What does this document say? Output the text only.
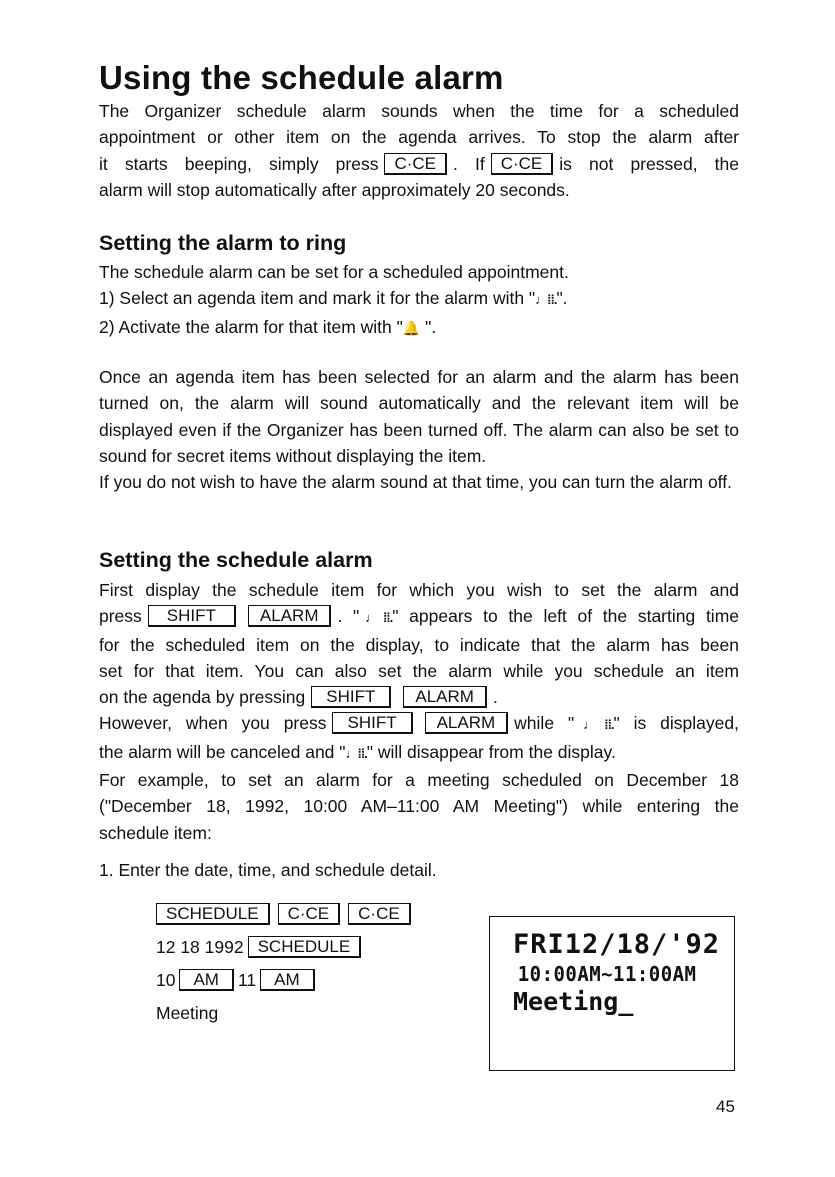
Using the schedule alarm
The Organizer schedule alarm sounds when the time for a scheduled
appointment or other item on the agenda arrives. To stop the alarm after
it starts beeping, simply press C·CE . If C·CE is not pressed, the
alarm will stop automatically after approximately 20 seconds.
Setting the alarm to ring
The schedule alarm can be set for a scheduled appointment.
1) Select an agenda item and mark it for the alarm with "♩⁞⁞.".
2) Activate the alarm for that item with "🔔 ".
Once an agenda item has been selected for an alarm and the alarm has been turned on, the alarm will sound automatically and the relevant item will be displayed even if the Organizer has been turned off. The alarm can also be set to sound for secret items without displaying the item.
If you do not wish to have the alarm sound at that time, you can turn the alarm off.
Setting the schedule alarm
First display the schedule item for which you wish to set the alarm and
press SHIFT	ALARM . "♩⁞⁞." appears to the left of the starting time
for the scheduled item on the display, to indicate that the alarm has been
set for that item. You can also set the alarm while you schedule an item
on the agenda by pressing SHIFT ALARM .
However, when you press SHIFT ALARM while "♩⁞⁞." is displayed,
the alarm will be canceled and "♩⁞⁞." will disappear from the display.
For example, to set an alarm for a meeting scheduled on December 18
("December 18, 1992, 10:00 AM–11:00 AM Meeting") while entering the
schedule item:
1. Enter the date, time, and schedule detail.
SCHEDULE C·CE C·CE
12 18 1992 SCHEDULE
10 AM 11 AM
Meeting
FRI12/18/'92
10:00AM~11:00AM
Meeting_
45
